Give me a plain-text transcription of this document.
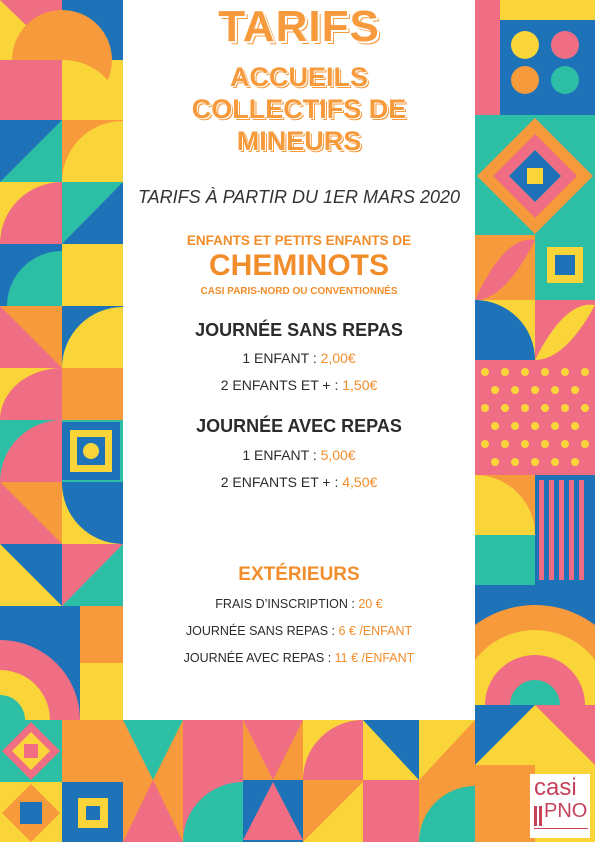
TARIFS
ACCUEILS
COLLECTIFS DE
MINEURS
TARIFS À PARTIR DU 1ER MARS 2020
ENFANTS ET PETITS ENFANTS DE
CHEMINOTS
CASI PARIS-NORD OU CONVENTIONNÉS
JOURNÉE SANS REPAS
1 ENFANT : 2,00€
2 ENFANTS ET + : 1,50€
JOURNÉE AVEC REPAS
1 ENFANT : 5,00€
2 ENFANTS ET + : 4,50€
EXTÉRIEURS
FRAIS D’INSCRIPTION : 20 €
JOURNÉE SANS REPAS : 6 € /ENFANT
JOURNÉE AVEC REPAS : 11 € /ENFANT
casi
PNO
